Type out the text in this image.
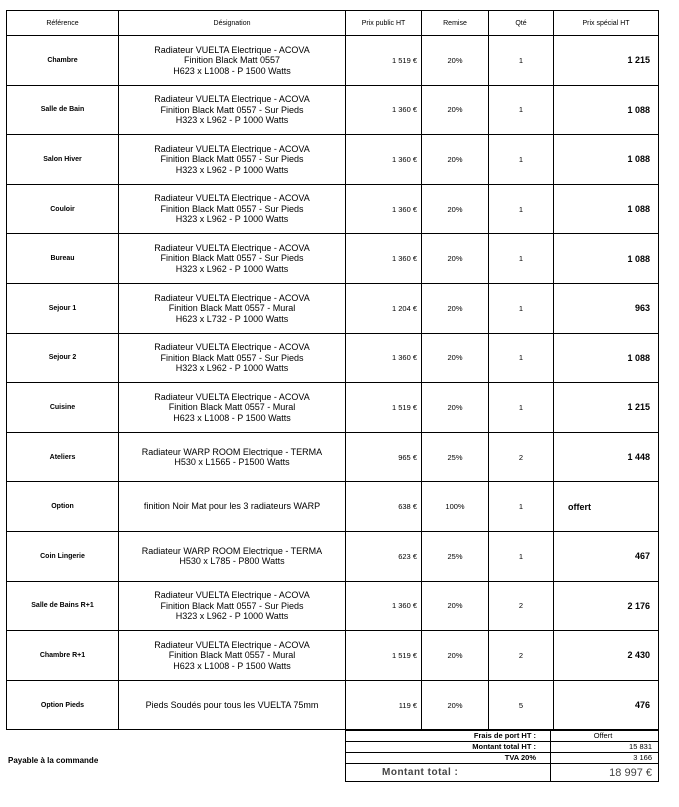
Référence	Désignation	Prix public HT	Remise	Qté	Prix spécial HT
Chambre	Radiateur VUELTA Electrique - ACOVA
Finition Black Matt 0557
H623 x L1008 - P 1500 Watts	1 519 €	20%	1	1 215
Salle de Bain	Radiateur VUELTA Electrique - ACOVA
Finition Black Matt 0557 - Sur Pieds
H323 x L962 - P 1000 Watts	1 360 €	20%	1	1 088
Salon Hiver	Radiateur VUELTA Electrique - ACOVA
Finition Black Matt 0557 - Sur Pieds
H323 x L962 - P 1000 Watts	1 360 €	20%	1	1 088
Couloir	Radiateur VUELTA Electrique - ACOVA
Finition Black Matt 0557 - Sur Pieds
H323 x L962 - P 1000 Watts	1 360 €	20%	1	1 088
Bureau	Radiateur VUELTA Electrique - ACOVA
Finition Black Matt 0557 - Sur Pieds
H323 x L962 - P 1000 Watts	1 360 €	20%	1	1 088
Sejour 1	Radiateur VUELTA Electrique - ACOVA
Finition Black Matt 0557 - Mural
H623 x L732 - P 1000 Watts	1 204 €	20%	1	963
Sejour 2	Radiateur VUELTA Electrique - ACOVA
Finition Black Matt 0557 - Sur Pieds
H323 x L962 - P 1000 Watts	1 360 €	20%	1	1 088
Cuisine	Radiateur VUELTA Electrique - ACOVA
Finition Black Matt 0557 - Mural
H623 x L1008 - P 1500 Watts	1 519 €	20%	1	1 215
Ateliers	Radiateur WARP ROOM Electrique - TERMA
H530 x L1565 - P1500 Watts	965 €	25%	2	1 448
Option	finition Noir Mat pour les 3 radiateurs WARP	638 €	100%	1	offert
Coin Lingerie	Radiateur WARP ROOM Electrique - TERMA
H530 x L785 - P800 Watts	623 €	25%	1	467
Salle de Bains R+1	Radiateur VUELTA Electrique - ACOVA
Finition Black Matt 0557 - Sur Pieds
H323 x L962 - P 1000 Watts	1 360 €	20%	2	2 176
Chambre R+1	Radiateur VUELTA Electrique - ACOVA
Finition Black Matt 0557 - Mural
H623 x L1008 - P 1500 Watts	1 519 €	20%	2	2 430
Option Pieds	Pieds Soudés pour tous les VUELTA 75mm	119 €	20%	5	476
Frais de port HT :	Offert
Montant total HT :	15 831
TVA 20%	3 166
Montant total :	18 997 €
Payable à la commande
